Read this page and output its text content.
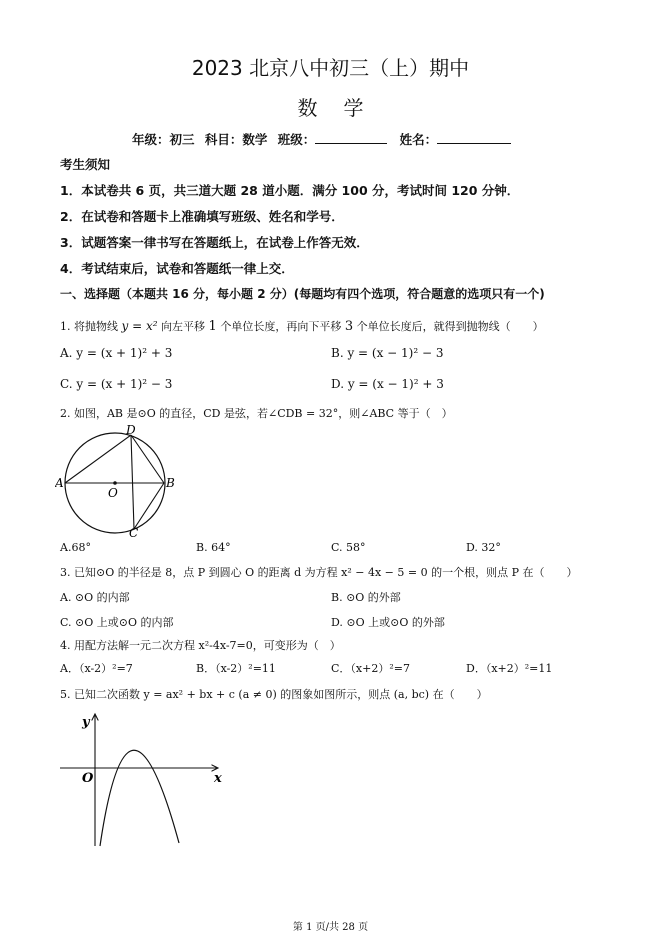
2023 北京八中初三（上）期中
数学
年级：初三 科目：数学 班级：	姓名：
考生须知
1．本试卷共 6 页，共三道大题 28 道小题．满分 100 分，考试时间 120 分钟．
2．在试卷和答题卡上准确填写班级、姓名和学号．
3．试题答案一律书写在答题纸上，在试卷上作答无效．
4．考试结束后，试卷和答题纸一律上交．
一、选择题（本题共 16 分，每小题 2 分）(每题均有四个选项，符合题意的选项只有一个)
1. 将抛物线 y = x² 向左平移 1 个单位长度，再向下平移 3 个单位长度后，就得到抛物线（　　）
A. y = (x + 1)² + 3	B. y = (x − 1)² − 3
C. y = (x + 1)² − 3	D. y = (x − 1)² + 3
2. 如图，AB 是⊙O 的直径，CD 是弦，若∠CDB = 32°，则∠ABC 等于（　）
A	B
C
D
O
A.68°	B. 64°	C. 58°	D. 32°
3. 已知⊙O 的半径是 8，点 P 到圆心 O 的距离 d 为方程 x² − 4x − 5 = 0 的一个根，则点 P 在（　　）
A. ⊙O 的内部	B. ⊙O 的外部
C. ⊙O 上或⊙O 的内部	D. ⊙O 上或⊙O 的外部
4. 用配方法解一元二次方程 x²-4x-7=0，可变形为（　）
A．（x-2）²=7	B．（x-2）²=11	C．（x+2）²=7	D．（x+2）²=11
5. 已知二次函数 y = ax² + bx + c (a ≠ 0) 的图象如图所示，则点 (a, bc) 在（　　）
y
x
O
第 1 页/共 28 页
